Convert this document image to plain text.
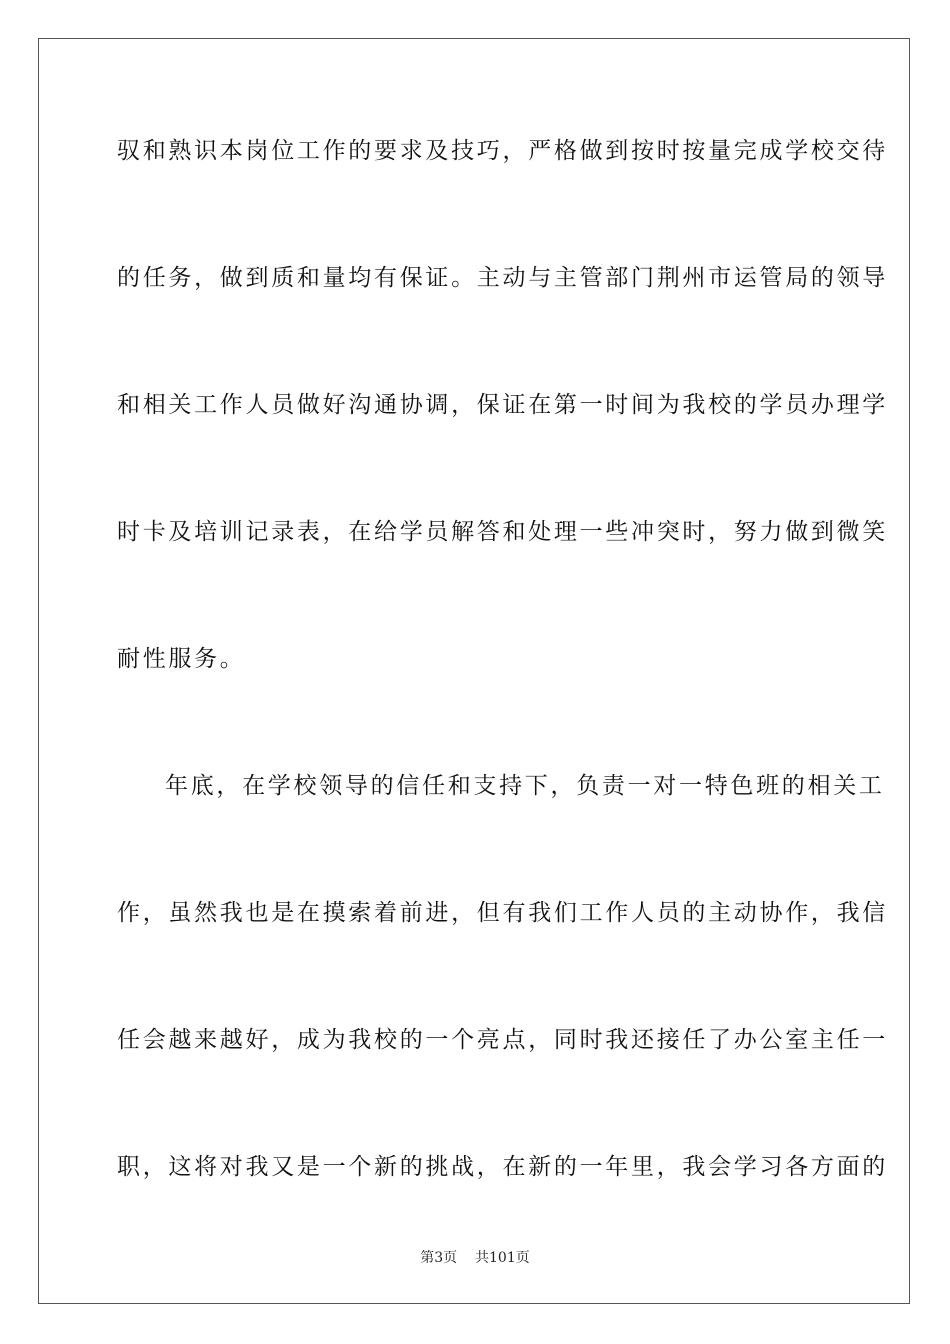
驭和熟识本岗位工作的要求及技巧，严格做到按时按量完成学校交待
的任务，做到质和量均有保证。主动与主管部门荆州市运管局的领导
和相关工作人员做好沟通协调，保证在第一时间为我校的学员办理学
时卡及培训记录表，在给学员解答和处理一些冲突时，努力做到微笑
耐性服务。
年底，在学校领导的信任和支持下，负责一对一特色班的相关工
作，虽然我也是在摸索着前进，但有我们工作人员的主动协作，我信
任会越来越好，成为我校的一个亮点，同时我还接任了办公室主任一
职，这将对我又是一个新的挑战，在新的一年里，我会学习各方面的
第3页 共101页
